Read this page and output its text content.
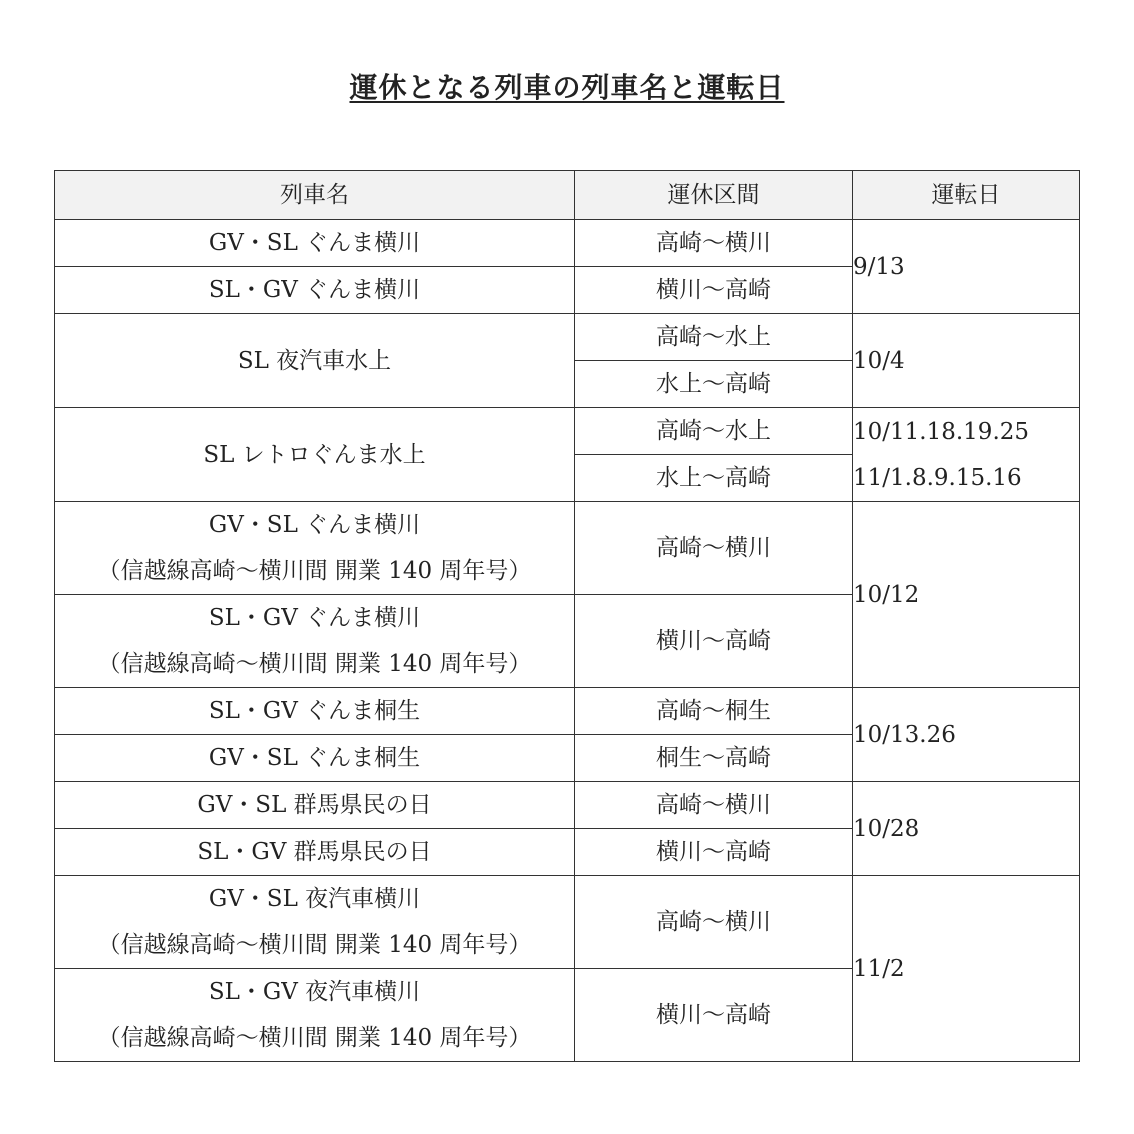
運休となる列車の列車名と運転日
列車名	運休区間	運転日

GV・SL ぐんま横川	高崎～横川	9/13

SL・GV ぐんま横川	横川～高崎	

SL 夜汽車水上	高崎～水上	10/4

	水上～高崎	

SL レトロぐんま水上	高崎～水上	10/11.18.19.25
11/1.8.9.15.16

	水上～高崎	

GV・SL ぐんま横川
（信越線高崎～横川間 開業 140 周年号）	高崎～横川	10/12

SL・GV ぐんま横川
（信越線高崎～横川間 開業 140 周年号）	横川～高崎	

SL・GV ぐんま桐生	高崎～桐生	10/13.26

GV・SL ぐんま桐生	桐生～高崎	

GV・SL 群馬県民の日	高崎～横川	10/28

SL・GV 群馬県民の日	横川～高崎	

GV・SL 夜汽車横川
（信越線高崎～横川間 開業 140 周年号）	高崎～横川	11/2

SL・GV 夜汽車横川
（信越線高崎～横川間 開業 140 周年号）	横川～高崎	
